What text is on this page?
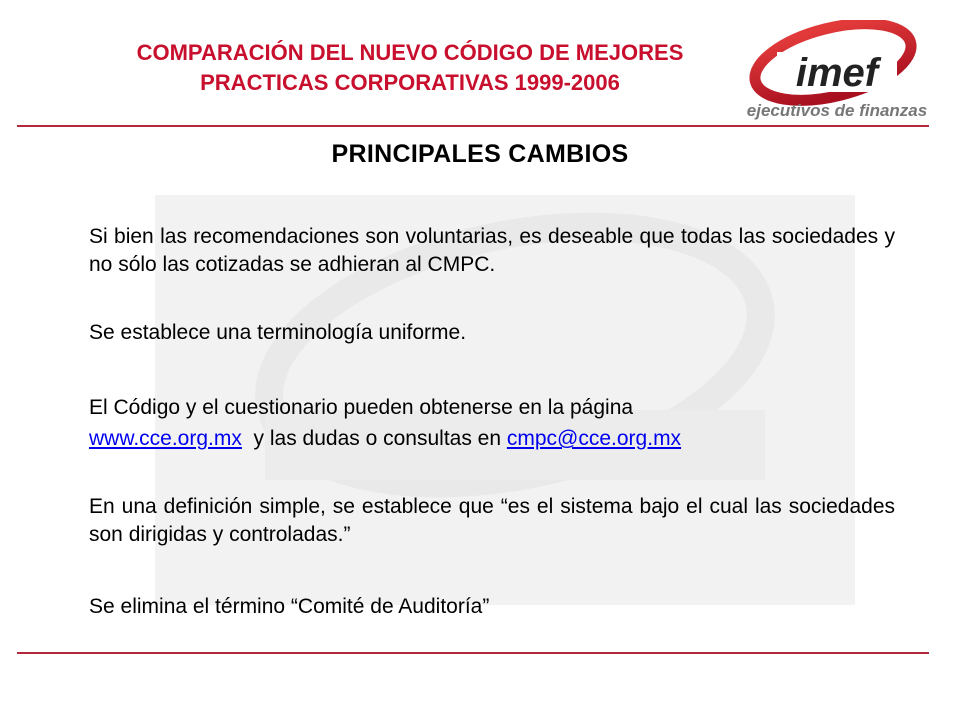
COMPARACIÓN DEL NUEVO CÓDIGO DE MEJORES
PRACTICAS CORPORATIVAS 1999-2006	imef
ejecutivos de finanzas
PRINCIPALES CAMBIOS
Si bien las recomendaciones son voluntarias, es deseable que todas las sociedades y no sólo las cotizadas se adhieran al CMPC.
Se establece una terminología uniforme.
El Código y el cuestionario pueden obtenerse en la página
www.cce.org.mx  y las dudas o consultas en cmpc@cce.org.mx
En una definición simple, se establece que “es el sistema bajo el cual las sociedades son dirigidas y controladas.”
Se elimina el término “Comité de Auditoría”
